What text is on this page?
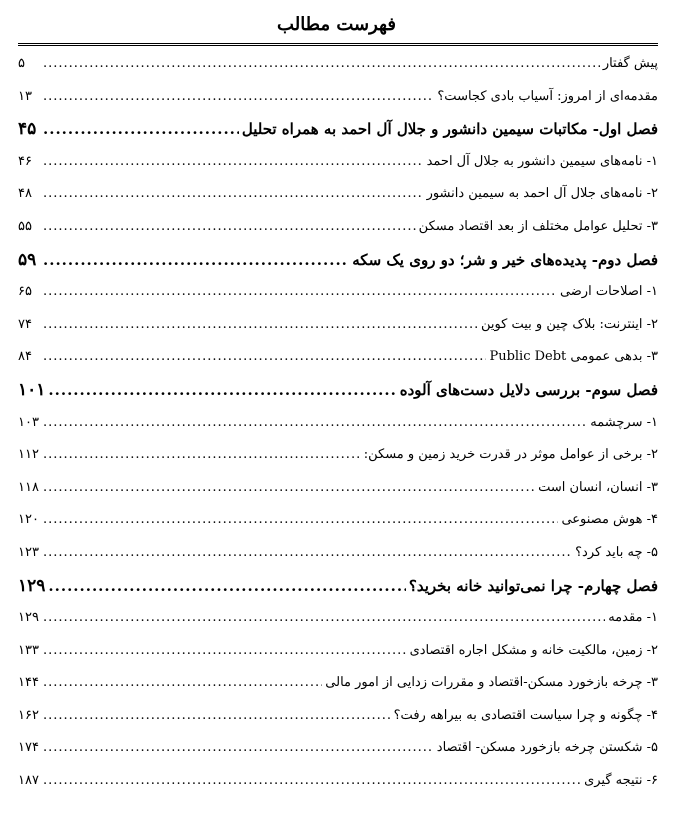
فهرست مطالب
پیش گفتار
.....
۵
مقدمه‌ای از امروز: آسیاب بادی کجاست؟
.....
۱۳
فصل اول- مکاتبات سیمین دانشور و جلال آل احمد به همراه تحلیل
.....
۴۵
۱- نامه‌های سیمین دانشور به جلال آل احمد
.....
۴۶
۲- نامه‌های جلال آل احمد به سیمین دانشور
.....
۴۸
۳- تحلیل عوامل مختلف از بعد اقتصاد مسکن
.....
۵۵
فصل دوم- پدیده‌های خیر و شر؛ دو روی یک سکه
.....
۵۹
۱- اصلاحات ارضی
.....
۶۵
۲- اینترنت: بلاک چین و بیت کوین
.....
۷۴
۳- بدهی عمومی Public Debt
.....
۸۴
فصل سوم- بررسی دلایل دست‌های آلوده
.....
۱۰۱
۱- سرچشمه
.....
۱۰۳
۲- برخی از عوامل موثر در قدرت خرید زمین و مسکن:
.....
۱۱۲
۳- انسان، انسان است
.....
۱۱۸
۴- هوش مصنوعی
.....
۱۲۰
۵- چه باید کرد؟
.....
۱۲۳
فصل چهارم- چرا نمی‌توانید خانه بخرید؟
.....
۱۲۹
۱- مقدمه
.....
۱۲۹
۲- زمین، مالکیت خانه و مشکل اجاره اقتصادی
.....
۱۳۳
۳- چرخه بازخورد مسکن-اقتصاد و مقررات زدایی از امور مالی
.....
۱۴۴
۴- چگونه و چرا سیاست اقتصادی به بیراهه رفت؟
.....
۱۶۲
۵- شکستن چرخه بازخورد مسکن- اقتصاد
.....
۱۷۴
۶- نتیجه گیری
.....
۱۸۷
